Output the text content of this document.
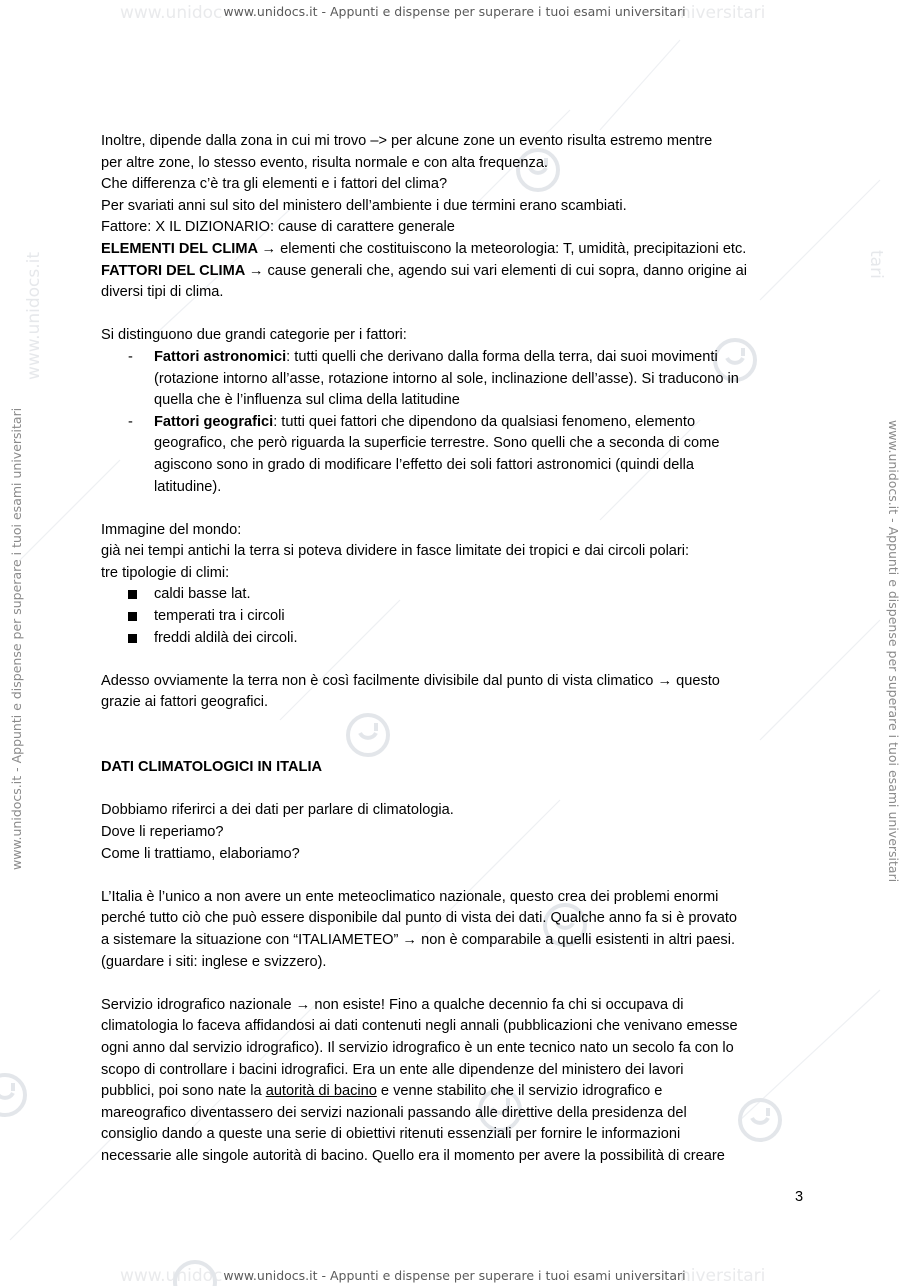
www.unidoc	niversitari
www.unidocs.it - Appunti e dispense per superare i tuoi esami universitari
www.unidoc	niversitari
www.unidocs.it - Appunti e dispense per superare i tuoi esami universitari
www.unidocs.it - Appunti e dispense per superare i tuoi esami universitari
www.unidocs.it
www.unidocs.it - Appunti e dispense per superare i tuoi esami universitari
tari

Inoltre, dipende dalla zona in cui mi trovo –> per alcune zone un evento risulta estremo mentre

per altre zone, lo stesso evento, risulta normale e con alta frequenza.

Che differenza c’è tra gli elementi e i fattori del clima?

Per svariati anni sul sito del ministero dell’ambiente i due termini erano scambiati.

Fattore: X IL DIZIONARIO: cause di carattere generale

ELEMENTI DEL CLIMA → elementi che costituiscono la meteorologia: T, umidità, precipitazioni etc.

FATTORI DEL CLIMA → cause generali che, agendo sui vari elementi di cui sopra, danno origine ai

diversi tipi di clima.

Si distinguono due grandi categorie per i fattori:

- Fattori astronomici: tutti quelli che derivano dalla forma della terra, dai suoi movimenti
(rotazione intorno all’asse, rotazione intorno al sole, inclinazione dell’asse). Si traducono in
quella che è l’influenza sul clima della latitudine
- Fattori geografici: tutti quei fattori che dipendono da qualsiasi fenomeno, elemento
geografico, che però riguarda la superficie terrestre. Sono quelli che a seconda di come
agiscono sono in grado di modificare l’effetto dei soli fattori astronomici (quindi della
latitudine).

Immagine del mondo:

già nei tempi antichi la terra si poteva dividere in fasce limitate dei tropici e dai circoli polari:

tre tipologie di climi:

caldi basse lat.
temperati tra i circoli
freddi aldilà dei circoli.

Adesso ovviamente la terra non è così facilmente divisibile dal punto di vista climatico → questo

grazie ai fattori geografici.

DATI CLIMATOLOGICI IN ITALIA

Dobbiamo riferirci a dei dati per parlare di climatologia.

Dove li reperiamo?

Come li trattiamo, elaboriamo?

L’Italia è l’unico a non avere un ente meteoclimatico nazionale, questo crea dei problemi enormi

perché tutto ciò che può essere disponibile dal punto di vista dei dati. Qualche anno fa si è provato

a sistemare la situazione con “ITALIAMETEO” → non è comparabile a quelli esistenti in altri paesi.

(guardare i siti: inglese e svizzero).

Servizio idrografico nazionale → non esiste! Fino a qualche decennio fa chi si occupava di

climatologia lo faceva affidandosi ai dati contenuti negli annali (pubblicazioni che venivano emesse

ogni anno dal servizio idrografico). Il servizio idrografico è un ente tecnico nato un secolo fa con lo

scopo di controllare i bacini idrografici. Era un ente alle dipendenze del ministero dei lavori

pubblici, poi sono nate la autorità di bacino e venne stabilito che il servizio idrografico e

mareografico diventassero dei servizi nazionali passando alle direttive della presidenza del

consiglio dando a queste una serie di obiettivi ritenuti essenziali per fornire le informazioni

necessarie alle singole autorità di bacino. Quello era il momento per avere la possibilità di creare

3
